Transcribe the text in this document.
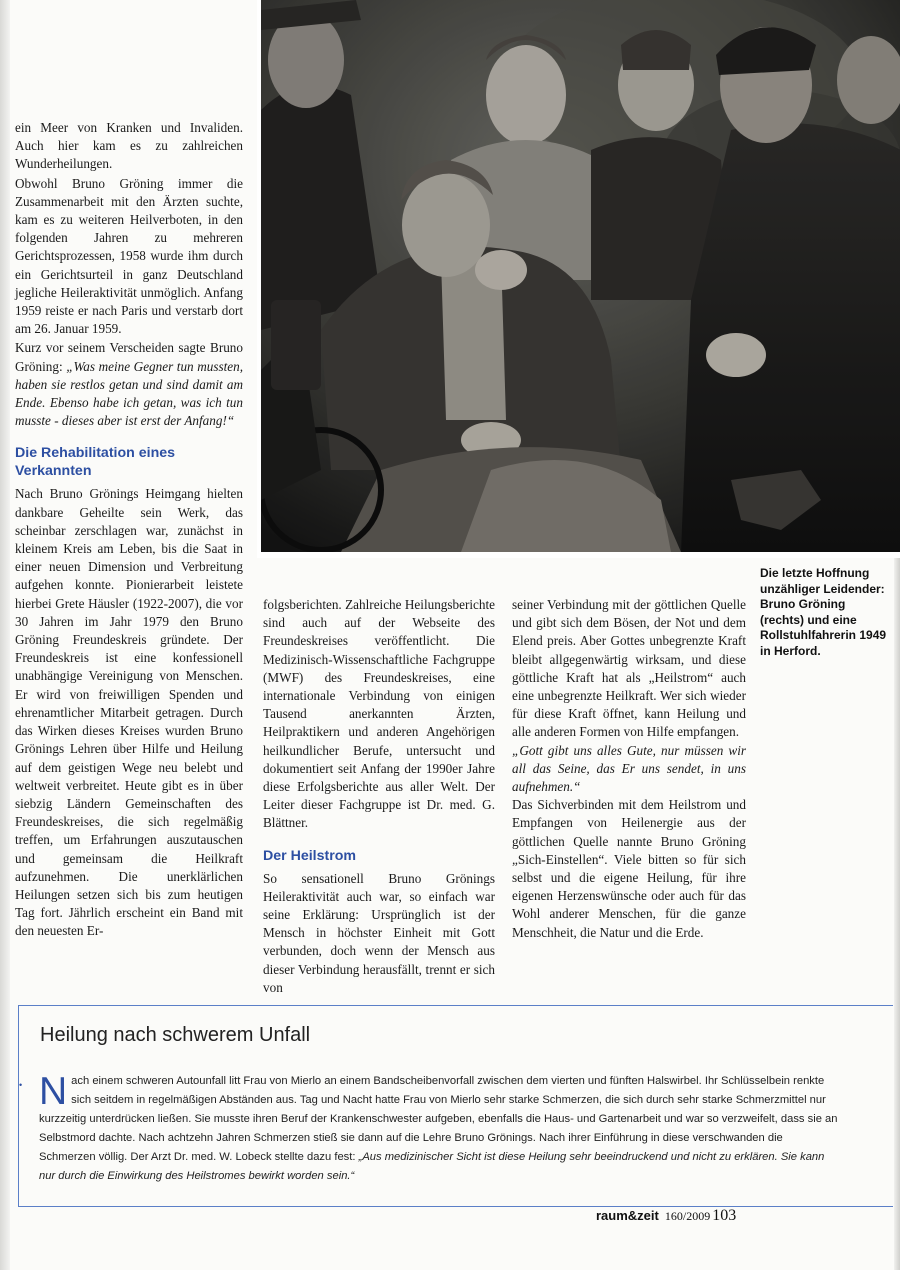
ein Meer von Kranken und Invaliden. Auch hier kam es zu zahlreichen Wunderheilungen.

Obwohl Bruno Gröning immer die Zusammenarbeit mit den Ärzten suchte, kam es zu weiteren Heilverboten, in den folgenden Jahren zu mehreren Gerichtsprozessen, 1958 wurde ihm durch ein Gerichtsurteil in ganz Deutschland jegliche Heileraktivität unmöglich. Anfang 1959 reiste er nach Paris und verstarb dort am 26. Januar 1959.

Kurz vor seinem Verscheiden sagte Bruno Gröning: „Was meine Gegner tun mussten, haben sie restlos getan und sind damit am Ende. Ebenso habe ich getan, was ich tun musste - dieses aber ist erst der Anfang!“

Die Rehabilitation eines Verkannten

Nach Bruno Grönings Heimgang hielten dankbare Geheilte sein Werk, das scheinbar zerschlagen war, zunächst in kleinem Kreis am Leben, bis die Saat in einer neuen Dimension und Verbreitung aufgehen konnte. Pionierarbeit leistete hierbei Grete Häusler (1922-2007), die vor 30 Jahren im Jahr 1979 den Bruno Gröning Freundeskreis gründete. Der Freundeskreis ist eine konfessionell unabhängige Vereinigung von Menschen. Er wird von freiwilligen Spenden und ehrenamtlicher Mitarbeit getragen. Durch das Wirken dieses Kreises wurden Bruno Grönings Lehren über Hilfe und Heilung auf dem geistigen Wege neu belebt und weltweit verbreitet. Heute gibt es in über siebzig Ländern Gemeinschaften des Freundeskreises, die sich regelmäßig treffen, um Erfahrungen auszutauschen und gemeinsam die Heilkraft aufzunehmen. Die unerklärlichen Heilungen setzen sich bis zum heutigen Tag fort. Jährlich erscheint ein Band mit den neuesten Er-

folgsberichten. Zahlreiche Heilungsberichte sind auch auf der Webseite des Freundeskreises veröffentlicht. Die Medizinisch-Wissenschaftliche Fachgruppe (MWF) des Freundeskreises, eine internationale Verbindung von einigen Tausend anerkannten Ärzten, Heilpraktikern und anderen Angehörigen heilkundlicher Berufe, untersucht und dokumentiert seit Anfang der 1990er Jahre diese Erfolgsberichte aus aller Welt. Der Leiter dieser Fachgruppe ist Dr. med. G. Blättner.

Der Heilstrom

So sensationell Bruno Grönings Heileraktivität auch war, so einfach war seine Erklärung: Ursprünglich ist der Mensch in höchster Einheit mit Gott verbunden, doch wenn der Mensch aus dieser Verbindung herausfällt, trennt er sich von

seiner Verbindung mit der göttlichen Quelle und gibt sich dem Bösen, der Not und dem Elend preis. Aber Gottes unbegrenzte Kraft bleibt allgegenwärtig wirksam, und diese göttliche Kraft hat als „Heilstrom“ auch eine unbegrenzte Heilkraft. Wer sich wieder für diese Kraft öffnet, kann Heilung und alle anderen Formen von Hilfe empfangen.

„Gott gibt uns alles Gute, nur müssen wir all das Seine, das Er uns sendet, in uns aufnehmen.“

Das Sichverbinden mit dem Heilstrom und Empfangen von Heilenergie aus der göttlichen Quelle nannte Bruno Gröning „Sich-Einstellen“. Viele bitten so für sich selbst und die eigene Heilung, für ihre eigenen Herzenswünsche oder auch für das Wohl anderer Menschen, für die ganze Menschheit, die Natur und die Erde.

Die letzte Hoffnung unzähliger Leidender: Bruno Gröning (rechts) und eine Rollstuhlfahrerin 1949 in Herford.
Heilung nach schwerem Unfall
• Nach einem schweren Autounfall litt Frau von Mierlo an einem Bandscheibenvorfall zwischen dem vierten und fünften Halswirbel. Ihr Schlüsselbein renkte sich seitdem in regelmäßigen Abständen aus. Tag und Nacht hatte Frau von Mierlo sehr starke Schmerzen, die sich durch sehr starke Schmerzmittel nur kurzzeitig unterdrücken ließen. Sie musste ihren Beruf der Krankenschwester aufgeben, ebenfalls die Haus- und Gartenarbeit und war so verzweifelt, dass sie an Selbstmord dachte. Nach achtzehn Jahren Schmerzen stieß sie dann auf die Lehre Bruno Grönings. Nach ihrer Einführung in diese verschwanden die Schmerzen völlig. Der Arzt Dr. med. W. Lobeck stellte dazu fest: „Aus medizinischer Sicht ist diese Heilung sehr beeindruckend und nicht zu erklären. Sie kann nur durch die Einwirkung des Heilstromes bewirkt worden sein.“
raum&zeit 160/2009 103
